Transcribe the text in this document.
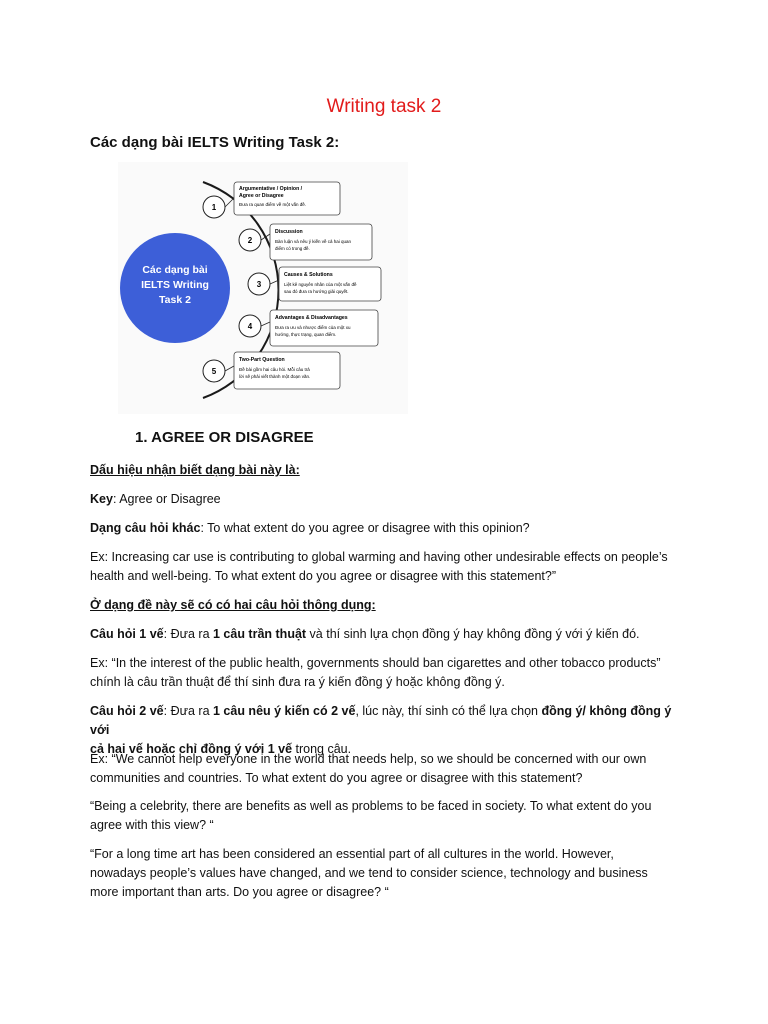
Writing task 2
Các dạng bài IELTS Writing Task 2:
Các dạng bài
IELTS Writing
Task 2
1
Argumentative / Opinion /
Agree or Disagree
Đưa ra quan điểm về một vấn đề.
2
Discussion
Bàn luận và nêu ý kiến về cả hai quan
điểm có trong đề.
3
Causes & Solutions
Liệt kê nguyên nhân của một vấn đề
sau đó đưa ra hướng giải quyết.
4
Advantages & Disadvantages
Đưa ra ưu và nhược điểm của một xu
hướng, thực trạng, quan điểm.
5
Two-Part Question
Đề bài gồm hai câu hỏi. Mỗi câu trả
lời sẽ phải viết thành một đoạn văn.
1. AGREE OR DISAGREE
Dấu hiệu nhận biết dạng bài này là:
Key: Agree or Disagree
Dạng câu hỏi khác: To what extent do you agree or disagree with this opinion?
Ex: Increasing car use is contributing to global warming and having other undesirable effects on people’s
health and well-being. To what extent do you agree or disagree with this statement?”
Ở dạng đề này sẽ có có hai câu hỏi thông dụng:
Câu hỏi 1 vế: Đưa ra 1 câu trần thuật và thí sinh lựa chọn đồng ý hay không đồng ý với ý kiến đó.
Ex: “In the interest of the public health, governments should ban cigarettes and other tobacco products”
chính là câu trần thuật để thí sinh đưa ra ý kiến đồng ý hoặc không đồng ý.
Câu hỏi 2 vế: Đưa ra 1 câu nêu ý kiến có 2 vế, lúc này, thí sinh có thể lựa chọn đồng ý/ không đồng ý với
cả hai vế hoặc chỉ đồng ý với 1 vế trong câu.
Ex: “We cannot help everyone in the world that needs help, so we should be concerned with our own
communities and countries. To what extent do you agree or disagree with this statement?
“Being a celebrity, there are benefits as well as problems to be faced in society. To what extent do you
agree with this view? “
“For a long time art has been considered an essential part of all cultures in the world. However,
nowadays people’s values have changed, and we tend to consider science, technology and business
more important than arts. Do you agree or disagree? “
